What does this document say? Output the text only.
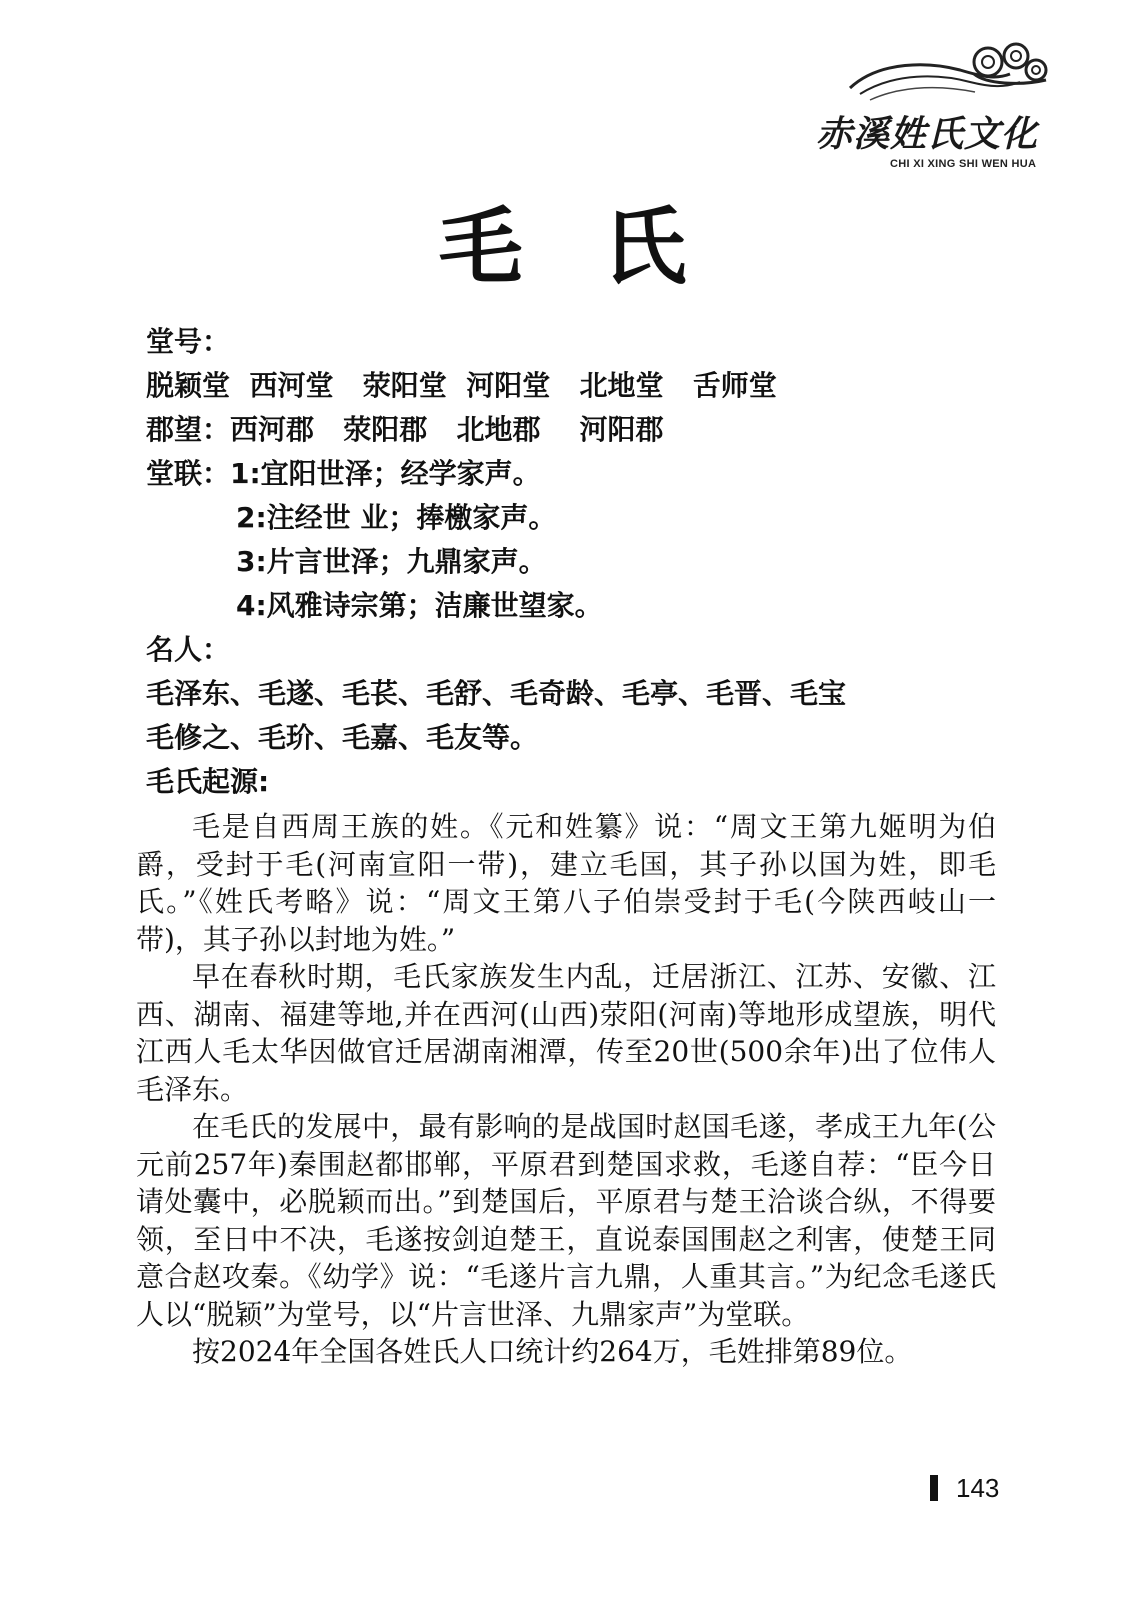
赤溪姓氏文化
CHI XI XING SHI WEN HUA
毛氏
堂号：
脱颖堂  西河堂   荥阳堂  河阳堂   北地堂   舌师堂
郡望：西河郡   荥阳郡   北地郡    河阳郡
堂联：1:宜阳世泽；经学家声。
2:注经世 业；捧檄家声。
3:片言世泽；九鼎家声。
4:风雅诗宗第；洁廉世望家。
名人：
毛泽东、毛遂、毛苌、毛舒、毛奇龄、毛亭、毛晋、毛宝
毛修之、毛玠、毛嘉、毛友等。
毛氏起源:

毛是自西周王族的姓。《元和姓纂》说：“周文王第九姬明为伯爵，受封于毛(河南宣阳一带)，建立毛国，其子孙以国为姓，即毛氏。”《姓氏考略》说：“周文王第八子伯崇受封于毛(今陕西岐山一带)，其子孙以封地为姓。”

早在春秋时期，毛氏家族发生内乱，迁居浙江、江苏、安徽、江西、湖南、福建等地,并在西河(山西)荥阳(河南)等地形成望族，明代江西人毛太华因做官迁居湖南湘潭，传至20世(500余年)出了位伟人毛泽东。

在毛氏的发展中，最有影响的是战国时赵国毛遂，孝成王九年(公元前257年)秦围赵都邯郸，平原君到楚国求救，毛遂自荐：“臣今日请处囊中，必脱颖而出。”到楚国后，平原君与楚王洽谈合纵，不得要领，至日中不决，毛遂按剑迫楚王，直说泰国围赵之利害，使楚王同意合赵攻秦。《幼学》说：“毛遂片言九鼎，人重其言。”为纪念毛遂氏人以“脱颖”为堂号，以“片言世泽、九鼎家声”为堂联。

按2024年全国各姓氏人口统计约264万，毛姓排第89位。

143
